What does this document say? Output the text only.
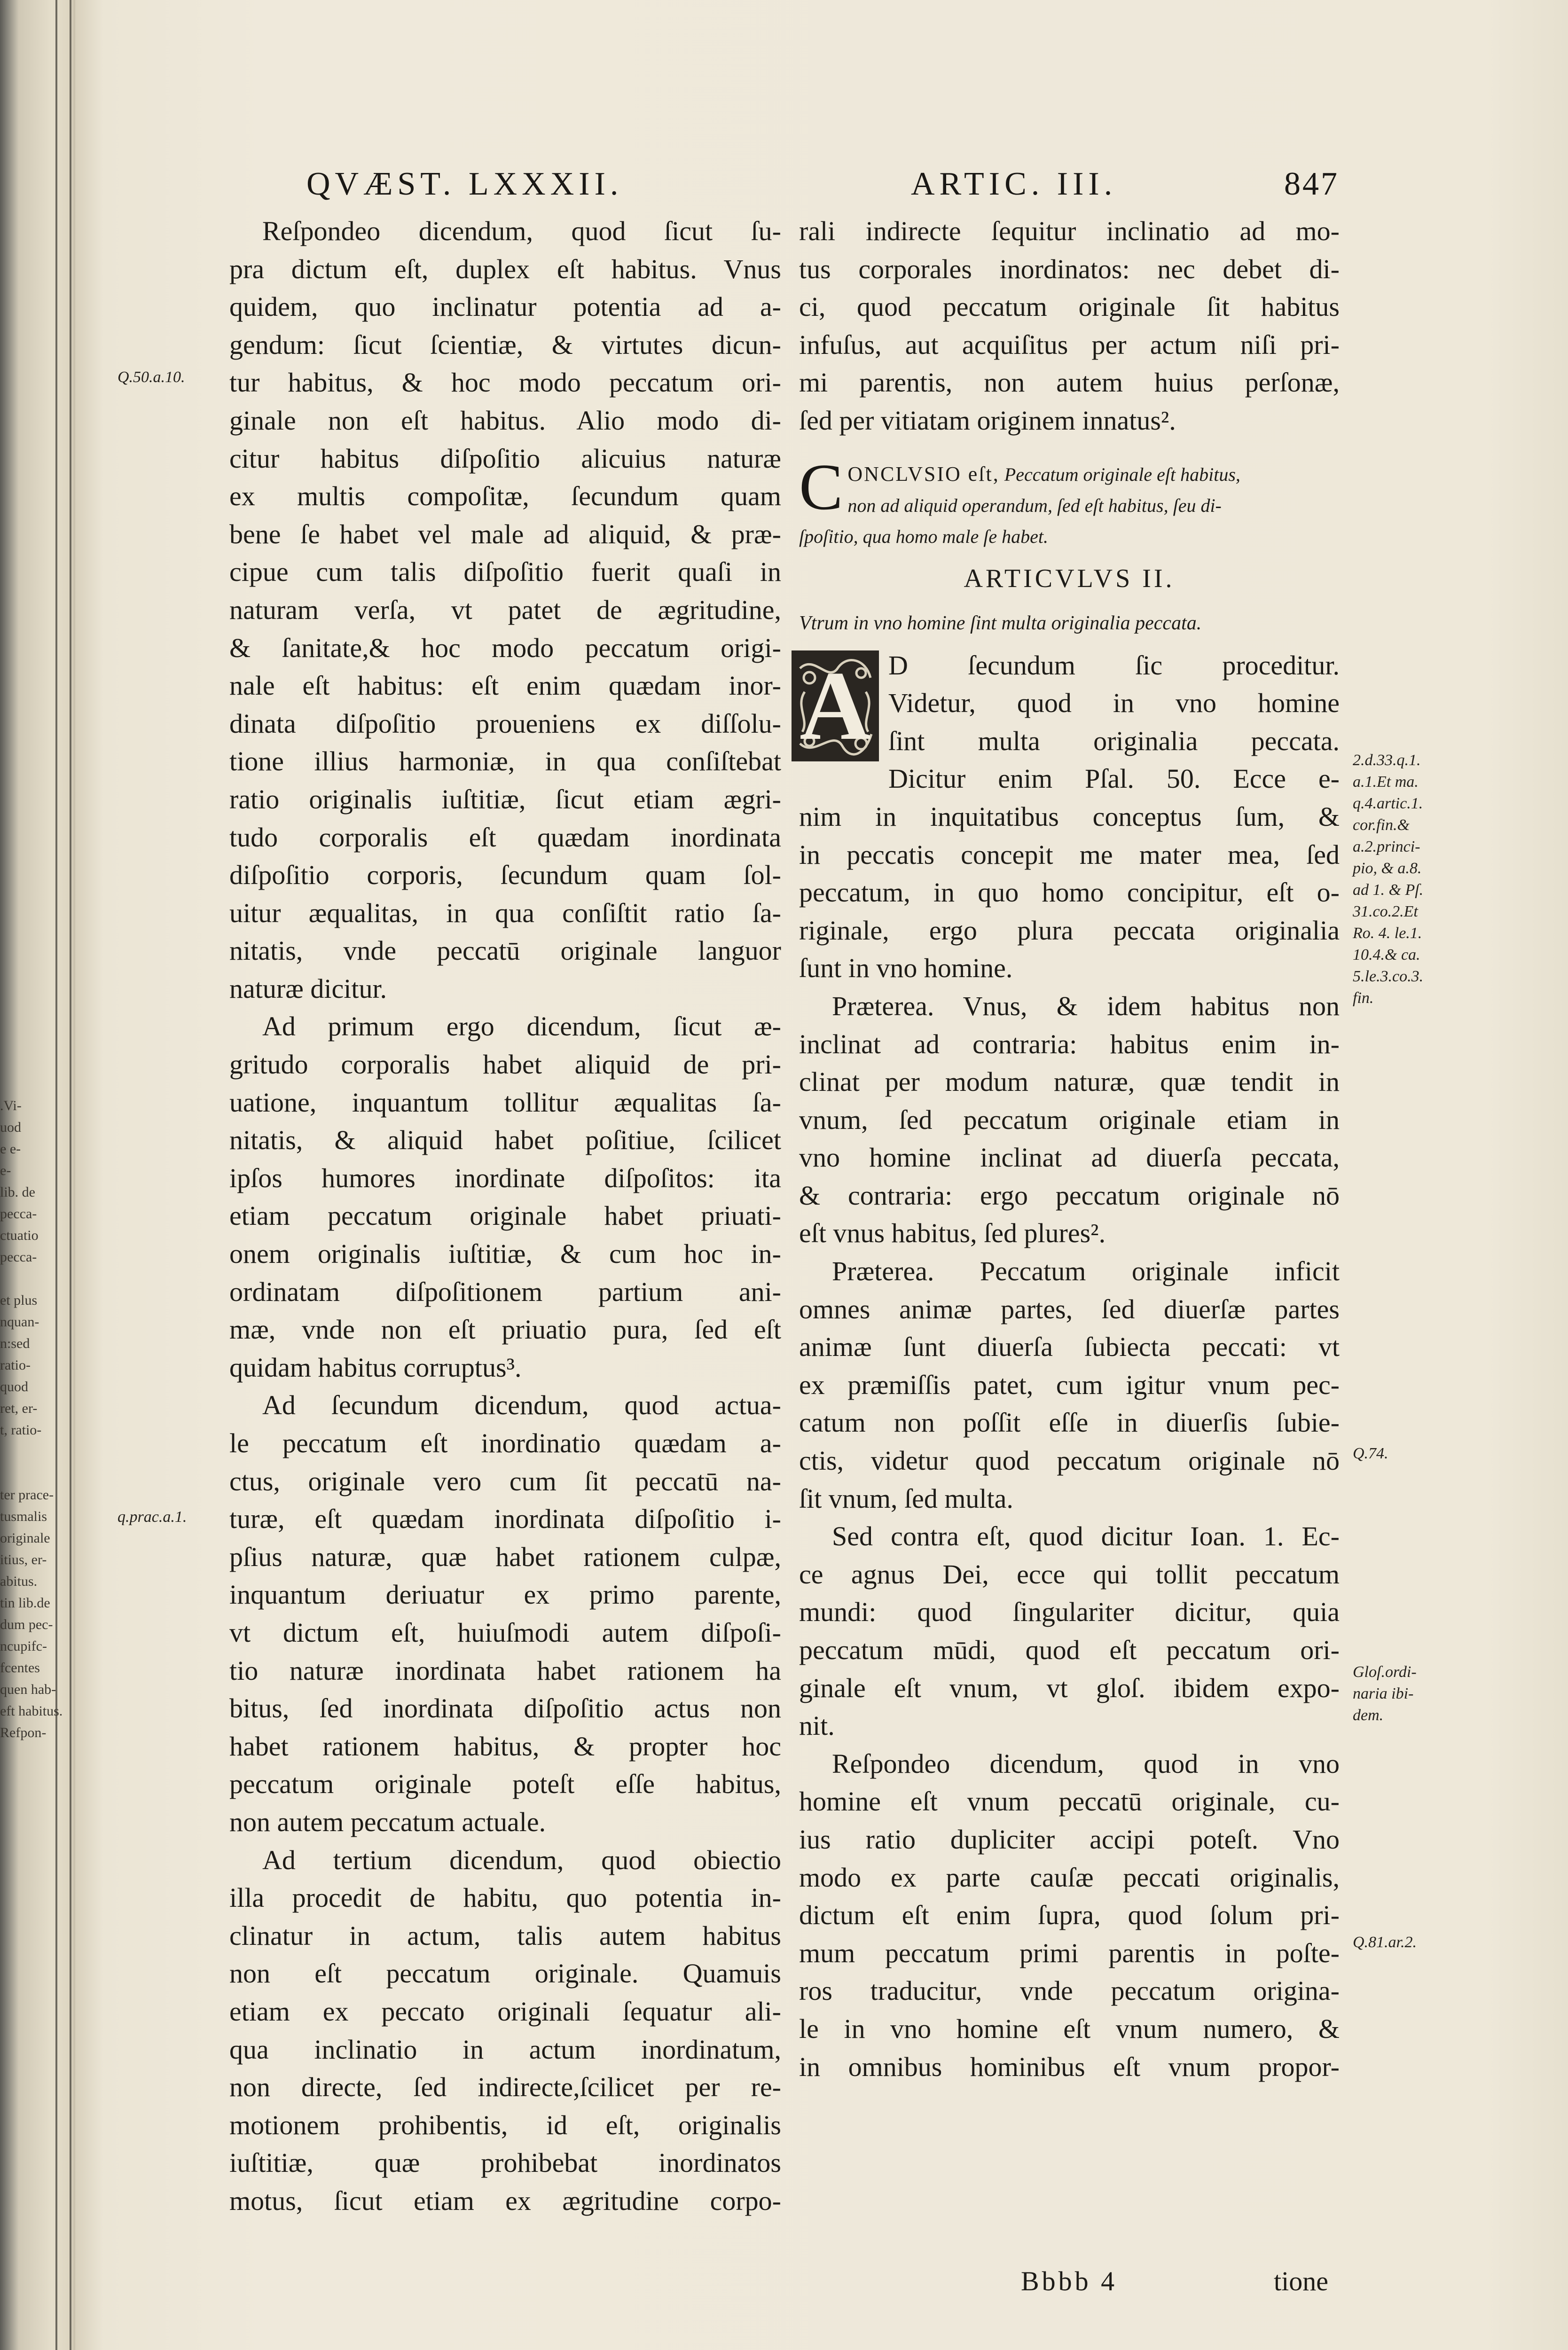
.Vi-
uod
e e-
e-
lib. de
pecca-
ctuatio
pecca-
et plus
nquan-
n:sed
ratio-
quod
ret, er-
t, ratio-
ter prace-
tusmalis
originale
itius, er-
abitus.
tin lib.de
dum pec-
ncupifc-
fcentes
quen hab-
eft habitus.
Refpon-
QVÆST. LXXXII.	ARTIC. III.	847
Reſpondeo dicendum, quod ſicut ſu-
pra dictum eſt, duplex eſt habitus. Vnus
quidem, quo inclinatur potentia ad a-
gendum: ſicut ſcientiæ, & virtutes dicun-
tur habitus, & hoc modo peccatum ori-
ginale non eſt habitus. Alio modo di-
citur habitus diſpoſitio alicuius naturæ
ex multis compoſitæ, ſecundum quam
bene ſe habet vel male ad aliquid, & præ-
cipue cum talis diſpoſitio fuerit quaſi in
naturam verſa, vt patet de ægritudine,
& ſanitate,& hoc modo peccatum origi-
nale eſt habitus: eſt enim quædam inor-
dinata diſpoſitio proueniens ex diſſolu-
tione illius harmoniæ, in qua conſiſtebat
ratio originalis iuſtitiæ, ſicut etiam ægri-
tudo corporalis eſt quædam inordinata
diſpoſitio corporis, ſecundum quam ſol-
uitur æqualitas, in qua conſiſtit ratio ſa-
nitatis, vnde peccatū originale languor
naturæ dicitur.
Ad primum ergo dicendum, ſicut æ-
gritudo corporalis habet aliquid de pri-
uatione, inquantum tollitur æqualitas ſa-
nitatis, & aliquid habet poſitiue, ſcilicet
ipſos humores inordinate diſpoſitos: ita
etiam peccatum originale habet priuati-
onem originalis iuſtitiæ, & cum hoc in-
ordinatam diſpoſitionem partium ani-
mæ, vnde non eſt priuatio pura, ſed eſt
quidam habitus corruptus³.
Ad ſecundum dicendum, quod actua-
le peccatum eſt inordinatio quædam a-
ctus, originale vero cum ſit peccatū na-
turæ, eſt quædam inordinata diſpoſitio i-
pſius naturæ, quæ habet rationem culpæ,
inquantum deriuatur ex primo parente,
vt dictum eſt, huiuſmodi autem diſpoſi-
tio naturæ inordinata habet rationem ha
bitus, ſed inordinata diſpoſitio actus non
habet rationem habitus, & propter hoc
peccatum originale poteſt eſſe habitus,
non autem peccatum actuale.
Ad tertium dicendum, quod obiectio
illa procedit de habitu, quo potentia in-
clinatur in actum, talis autem habitus
non eſt peccatum originale. Quamuis
etiam ex peccato originali ſequatur ali-
qua inclinatio in actum inordinatum,
non directe, ſed indirecte,ſcilicet per re-
motionem prohibentis, id eſt, originalis
iuſtitiæ, quæ prohibebat inordinatos
motus, ſicut etiam ex ægritudine corpo-
rali indirecte ſequitur inclinatio ad mo-
tus corporales inordinatos: nec debet di-
ci, quod peccatum originale ſit habitus
infuſus, aut acquiſitus per actum niſi pri-
mi parentis, non autem huius perſonæ,
ſed per vitiatam originem innatus².
C ONCLVSIO eſt, Peccatum originale eſt habitus,
non ad aliquid operandum, ſed eſt habitus, ſeu di-
ſpoſitio, qua homo male ſe habet.
ARTICVLVS II.
Vtrum in vno homine ſint multa originalia peccata.
A D ſecundum ſic proceditur.
Videtur, quod in vno homine
ſint multa originalia peccata.
Dicitur enim Pſal. 50. Ecce e-
nim in inquitatibus conceptus ſum, &
in peccatis concepit me mater mea, ſed
peccatum, in quo homo concipitur, eſt o-
riginale, ergo plura peccata originalia
ſunt in vno homine.
Præterea. Vnus, & idem habitus non
inclinat ad contraria: habitus enim in-
clinat per modum naturæ, quæ tendit in
vnum, ſed peccatum originale etiam in
vno homine inclinat ad diuerſa peccata,
& contraria: ergo peccatum originale nō
eſt vnus habitus, ſed plures².
Præterea. Peccatum originale inficit
omnes animæ partes, ſed diuerſæ partes
animæ ſunt diuerſa ſubiecta peccati: vt
ex præmiſſis patet, cum igitur vnum pec-
catum non poſſit eſſe in diuerſis ſubie-
ctis, videtur quod peccatum originale nō
ſit vnum, ſed multa.
Sed contra eſt, quod dicitur Ioan. 1. Ec-
ce agnus Dei, ecce qui tollit peccatum
mundi: quod ſingulariter dicitur, quia
peccatum mūdi, quod eſt peccatum ori-
ginale eſt vnum, vt gloſ. ibidem expo-
nit.
Reſpondeo dicendum, quod in vno
homine eſt vnum peccatū originale, cu-
ius ratio dupliciter accipi poteſt. Vno
modo ex parte cauſæ peccati originalis,
dictum eſt enim ſupra, quod ſolum pri-
mum peccatum primi parentis in poſte-
ros traducitur, vnde peccatum origina-
le in vno homine eſt vnum numero, &
in omnibus hominibus eſt vnum propor-
Q.50.a.10.
q.prac.a.1.
2.d.33.q.1.
a.1.Et ma.
q.4.artic.1.
cor.fin.&
a.2.princi-
pio, & a.8.
ad 1. & Pſ.
31.co.2.Et
Ro. 4. le.1.
10.4.& ca.
5.le.3.co.3.
fin.
Q.74.
Gloſ.ordi-
naria ibi-
dem.
Q.81.ar.2.
Bbbb 4	tione
